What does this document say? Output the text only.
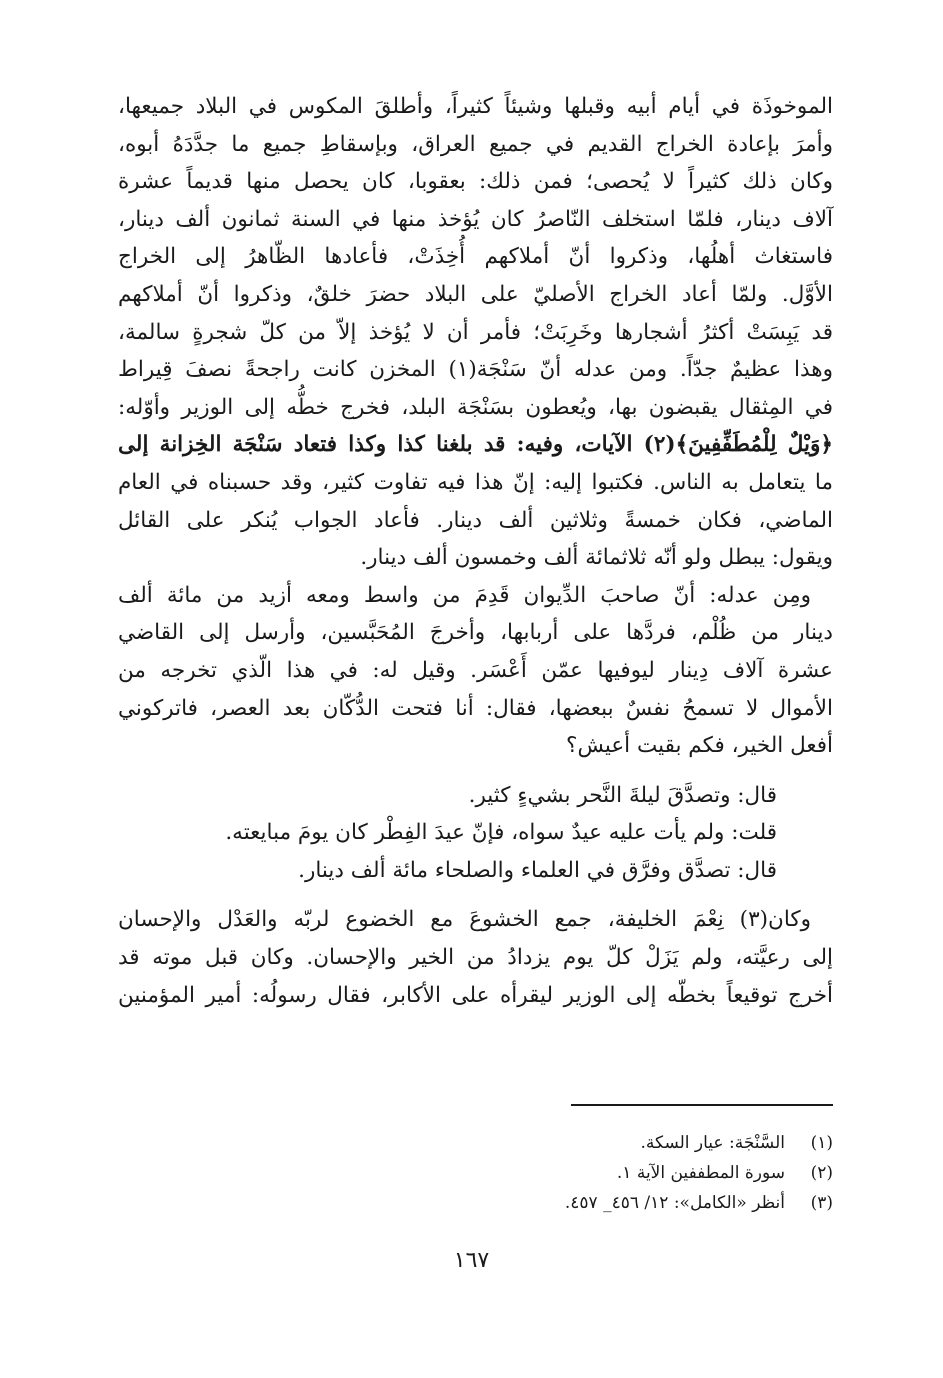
الموخوذَة في أيام أبيه وقبلها وشيئاً كثيراً، وأطلقَ المكوس في البلاد جميعها،
وأمرَ بإعادة الخراج القديم في جميع العراق، وبإسقاطِ جميع ما جدَّدَهُ أبوه،
وكان ذلك كثيراً لا يُحصى؛ فمن ذلك: بعقوبا، كان يحصل منها قديماً عشرة
آلاف دينار، فلمّا استخلف النّاصرُ كان يُؤخذ منها في السنة ثمانون ألف دينار،
فاستغاث أهلُها، وذكروا أنّ أملاكهم أُخِذَتْ، فأعادها الظّاهرُ إلى الخراج
الأوَّل. ولمّا أعاد الخراج الأصليّ على البلاد حضرَ خلقٌ، وذكروا أنّ أملاكهم
قد يَبِسَتْ أكثرُ أشجارها وخَرِبَتْ؛ فأمر أن لا يُؤخذ إلاّ من كلّ شجرةٍ سالمة،
وهذا عظيمٌ جدّاً. ومن عدله أنّ سَنْجَة(١) المخزن كانت راجحةً نصفَ قِيراط
في المِثقال يقبضون بها، ويُعطون بسَنْجَة البلد، فخرج خطُّه إلى الوزير وأوّله:
﴿وَيْلٌ لِلْمُطَفِّفِينَ﴾(٢) الآيات، وفيه: قد بلغنا كذا وكذا فتعاد سَنْجَة الخِزانة إلى
ما يتعامل به الناس. فكتبوا إليه: إنّ هذا فيه تفاوت كثير، وقد حسبناه في العام
الماضي، فكان خمسةً وثلاثين ألف دينار. فأعاد الجواب يُنكر على القائل
ويقول: يبطل ولو أنّه ثلاثمائة ألف وخمسون ألف دينار.
ومِن عدله: أنّ صاحبَ الدِّيوان قَدِمَ من واسط ومعه أزيد من مائة ألف
دينار من ظُلْم، فردَّها على أربابها، وأخرجَ المُحَبَّسين، وأرسل إلى القاضي
عشرة آلاف دِينار ليوفيها عمّن أَعْسَر. وقيل له: في هذا الّذي تخرجه من
الأموال لا تسمحُ نفسٌ ببعضها، فقال: أنا فتحت الدُّكّان بعد العصر، فاتركوني
أفعل الخير، فكم بقيت أعيش؟
قال: وتصدَّقَ ليلةَ النَّحر بشيءٍ كثير.
قلت: ولم يأت عليه عيدٌ سواه، فإنّ عيدَ الفِطْر كان يومَ مبايعته.
قال: تصدَّق وفرَّق في العلماء والصلحاء مائة ألف دينار.
وكان(٣) نِعْمَ الخليفة، جمع الخشوعَ مع الخضوع لربّه والعَدْل والإحسان
إلى رعيَّته، ولم يَزَلْ كلّ يوم يزدادُ من الخير والإحسان. وكان قبل موته قد
أخرج توقيعاً بخطّه إلى الوزير ليقرأه على الأكابر، فقال رسولُه: أمير المؤمنين
(١)
السَّنْجَة: عيار السكة.
(٢)
سورة المطففين الآية ١.
(٣)
أنظر «الكامل»: ١٢/ ٤٥٦_ ٤٥٧.
١٦٧
